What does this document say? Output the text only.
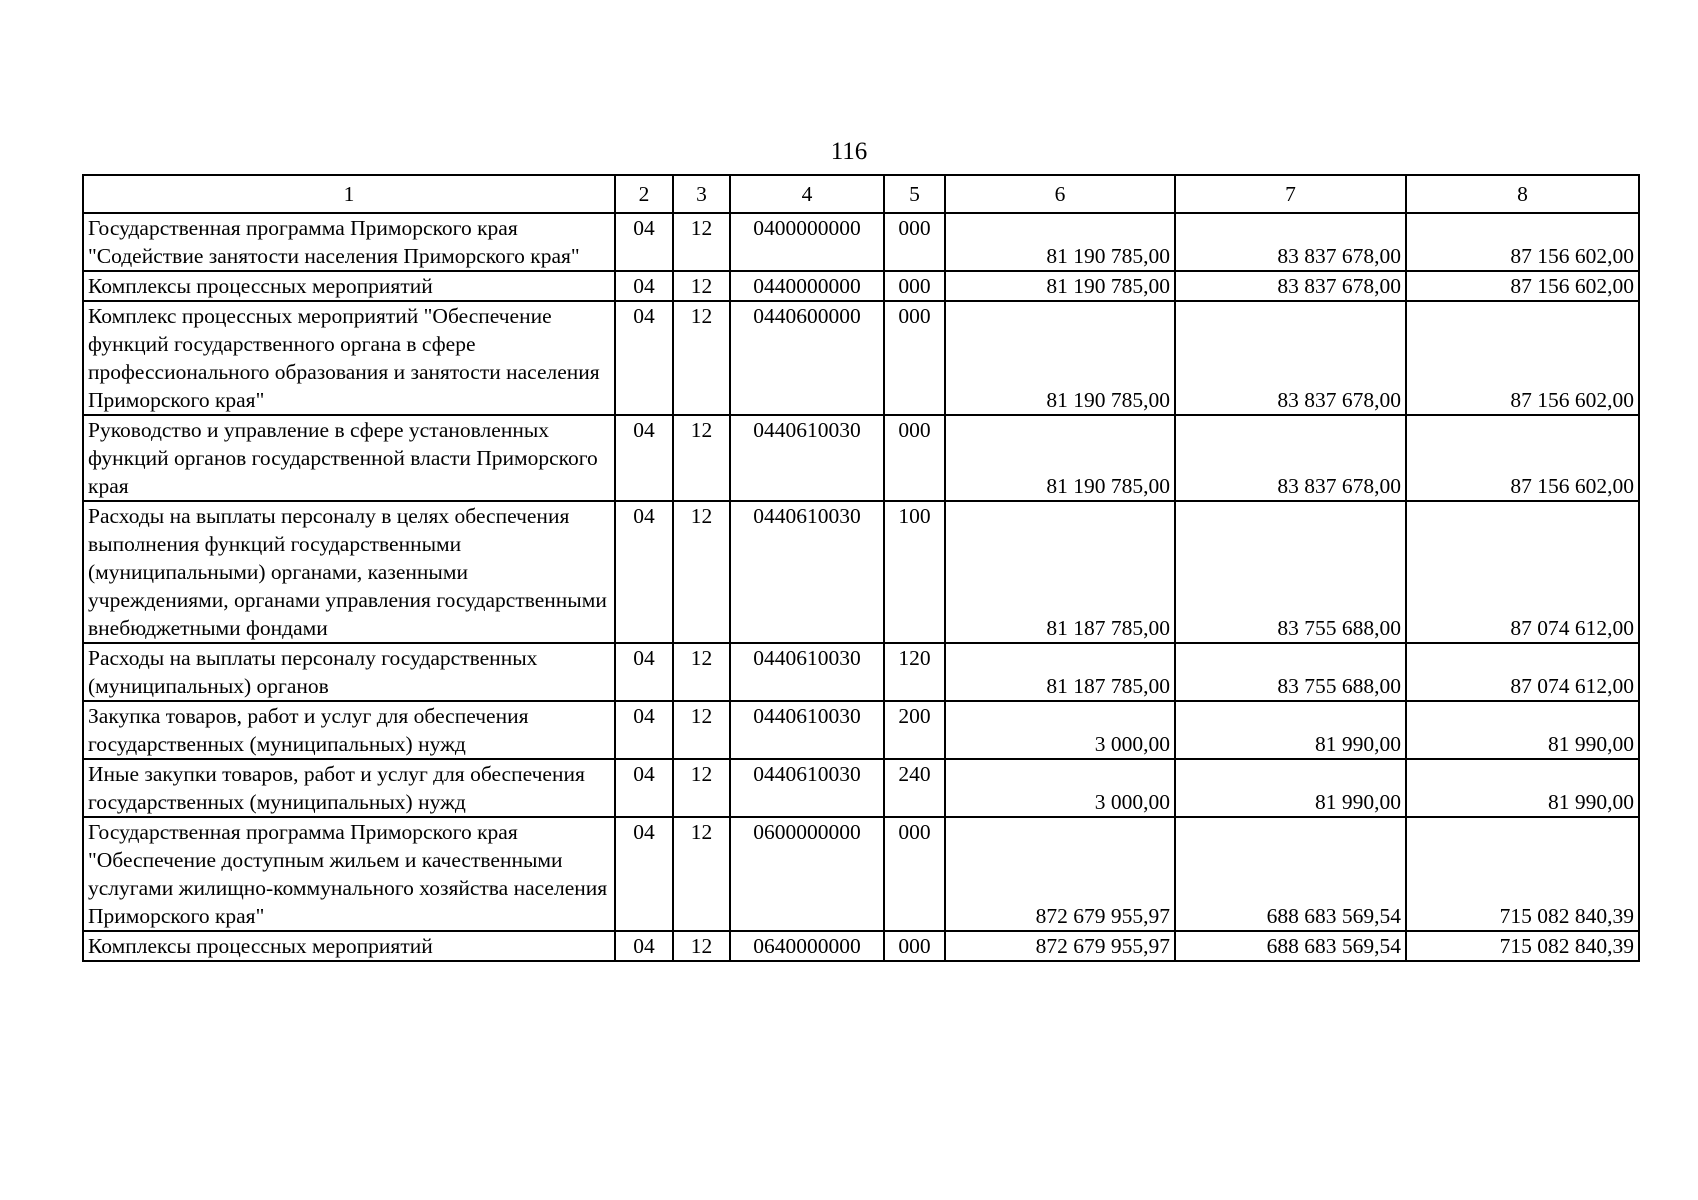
116
1	2	3	4	5	6	7	8
Государственная программа Приморского края "Содействие занятости населения Приморского края"	04	12	0400000000	000	81 190 785,00	83 837 678,00	87 156 602,00
Комплексы процессных мероприятий	04	12	0440000000	000	81 190 785,00	83 837 678,00	87 156 602,00
Комплекс процессных мероприятий "Обеспечение функций государственного органа в сфере профессионального образования и занятости населения Приморского края"	04	12	0440600000	000	81 190 785,00	83 837 678,00	87 156 602,00
Руководство и управление в сфере установленных функций органов государственной власти Приморского края	04	12	0440610030	000	81 190 785,00	83 837 678,00	87 156 602,00
Расходы на выплаты персоналу в целях обеспечения выполнения функций государственными (муниципальными) органами, казенными учреждениями, органами управления государственными внебюджетными фондами	04	12	0440610030	100	81 187 785,00	83 755 688,00	87 074 612,00
Расходы на выплаты персоналу государственных (муниципальных) органов	04	12	0440610030	120	81 187 785,00	83 755 688,00	87 074 612,00
Закупка товаров, работ и услуг для обеспечения государственных (муниципальных) нужд	04	12	0440610030	200	3 000,00	81 990,00	81 990,00
Иные закупки товаров, работ и услуг для обеспечения государственных (муниципальных) нужд	04	12	0440610030	240	3 000,00	81 990,00	81 990,00
Государственная программа Приморского края "Обеспечение доступным жильем и качественными услугами жилищно-коммунального хозяйства населения Приморского края"	04	12	0600000000	000	872 679 955,97	688 683 569,54	715 082 840,39
Комплексы процессных мероприятий	04	12	0640000000	000	872 679 955,97	688 683 569,54	715 082 840,39
